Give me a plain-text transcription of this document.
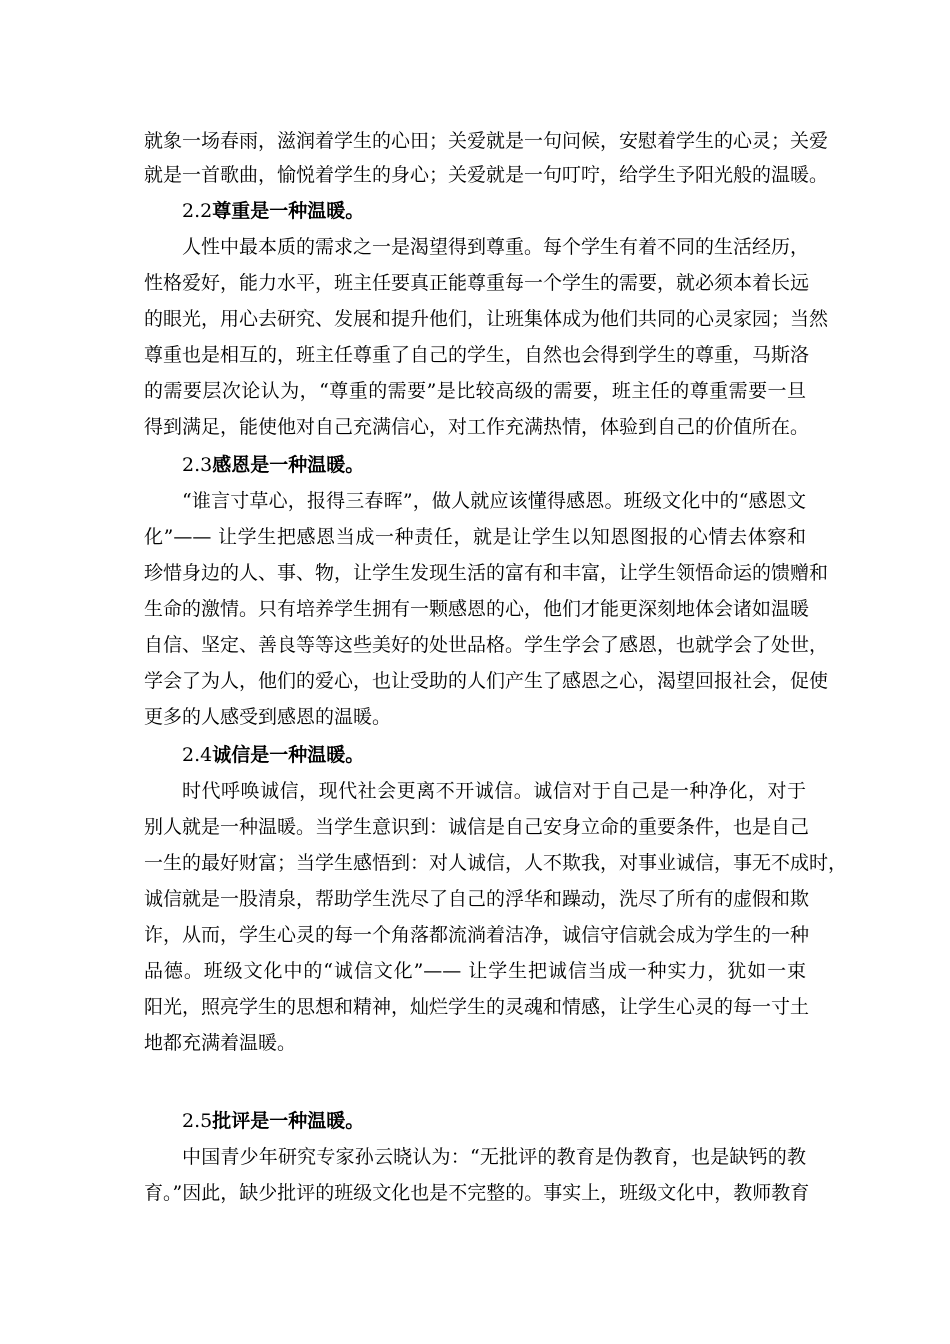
就象一场春雨，滋润着学生的心田；关爱就是一句问候，安慰着学生的心灵；关爱
就是一首歌曲，愉悦着学生的身心；关爱就是一句叮咛，给学生予阳光般的温暖。
2.2尊重是一种温暖。
人性中最本质的需求之一是渴望得到尊重。每个学生有着不同的生活经历，
性格爱好，能力水平，班主任要真正能尊重每一个学生的需要，就必须本着长远
的眼光，用心去研究、发展和提升他们，让班集体成为他们共同的心灵家园；当然
尊重也是相互的，班主任尊重了自己的学生，自然也会得到学生的尊重，马斯洛
的需要层次论认为，“尊重的需要”是比较高级的需要，班主任的尊重需要一旦
得到满足，能使他对自己充满信心，对工作充满热情，体验到自己的价值所在。
2.3感恩是一种温暖。
“谁言寸草心，报得三春晖”，做人就应该懂得感恩。班级文化中的“感恩文
化”—— 让学生把感恩当成一种责任，就是让学生以知恩图报的心情去体察和
珍惜身边的人、事、物，让学生发现生活的富有和丰富，让学生领悟命运的馈赠和
生命的激情。只有培养学生拥有一颗感恩的心，他们才能更深刻地体会诸如温暖
自信、坚定、善良等等这些美好的处世品格。学生学会了感恩，也就学会了处世，
学会了为人，他们的爱心，也让受助的人们产生了感恩之心，渴望回报社会，促使
更多的人感受到感恩的温暖。
2.4诚信是一种温暖。
时代呼唤诚信，现代社会更离不开诚信。诚信对于自己是一种净化，对于
别人就是一种温暖。当学生意识到：诚信是自己安身立命的重要条件，也是自己
一生的最好财富；当学生感悟到：对人诚信，人不欺我，对事业诚信，事无不成时，
诚信就是一股清泉，帮助学生洗尽了自己的浮华和躁动，洗尽了所有的虚假和欺
诈，从而，学生心灵的每一个角落都流淌着洁净，诚信守信就会成为学生的一种
品德。班级文化中的“诚信文化”—— 让学生把诚信当成一种实力，犹如一束
阳光，照亮学生的思想和精神，灿烂学生的灵魂和情感，让学生心灵的每一寸土
地都充满着温暖。
2.5批评是一种温暖。
中国青少年研究专家孙云晓认为：“无批评的教育是伪教育，也是缺钙的教
育。”因此，缺少批评的班级文化也是不完整的。事实上，班级文化中，教师教育
